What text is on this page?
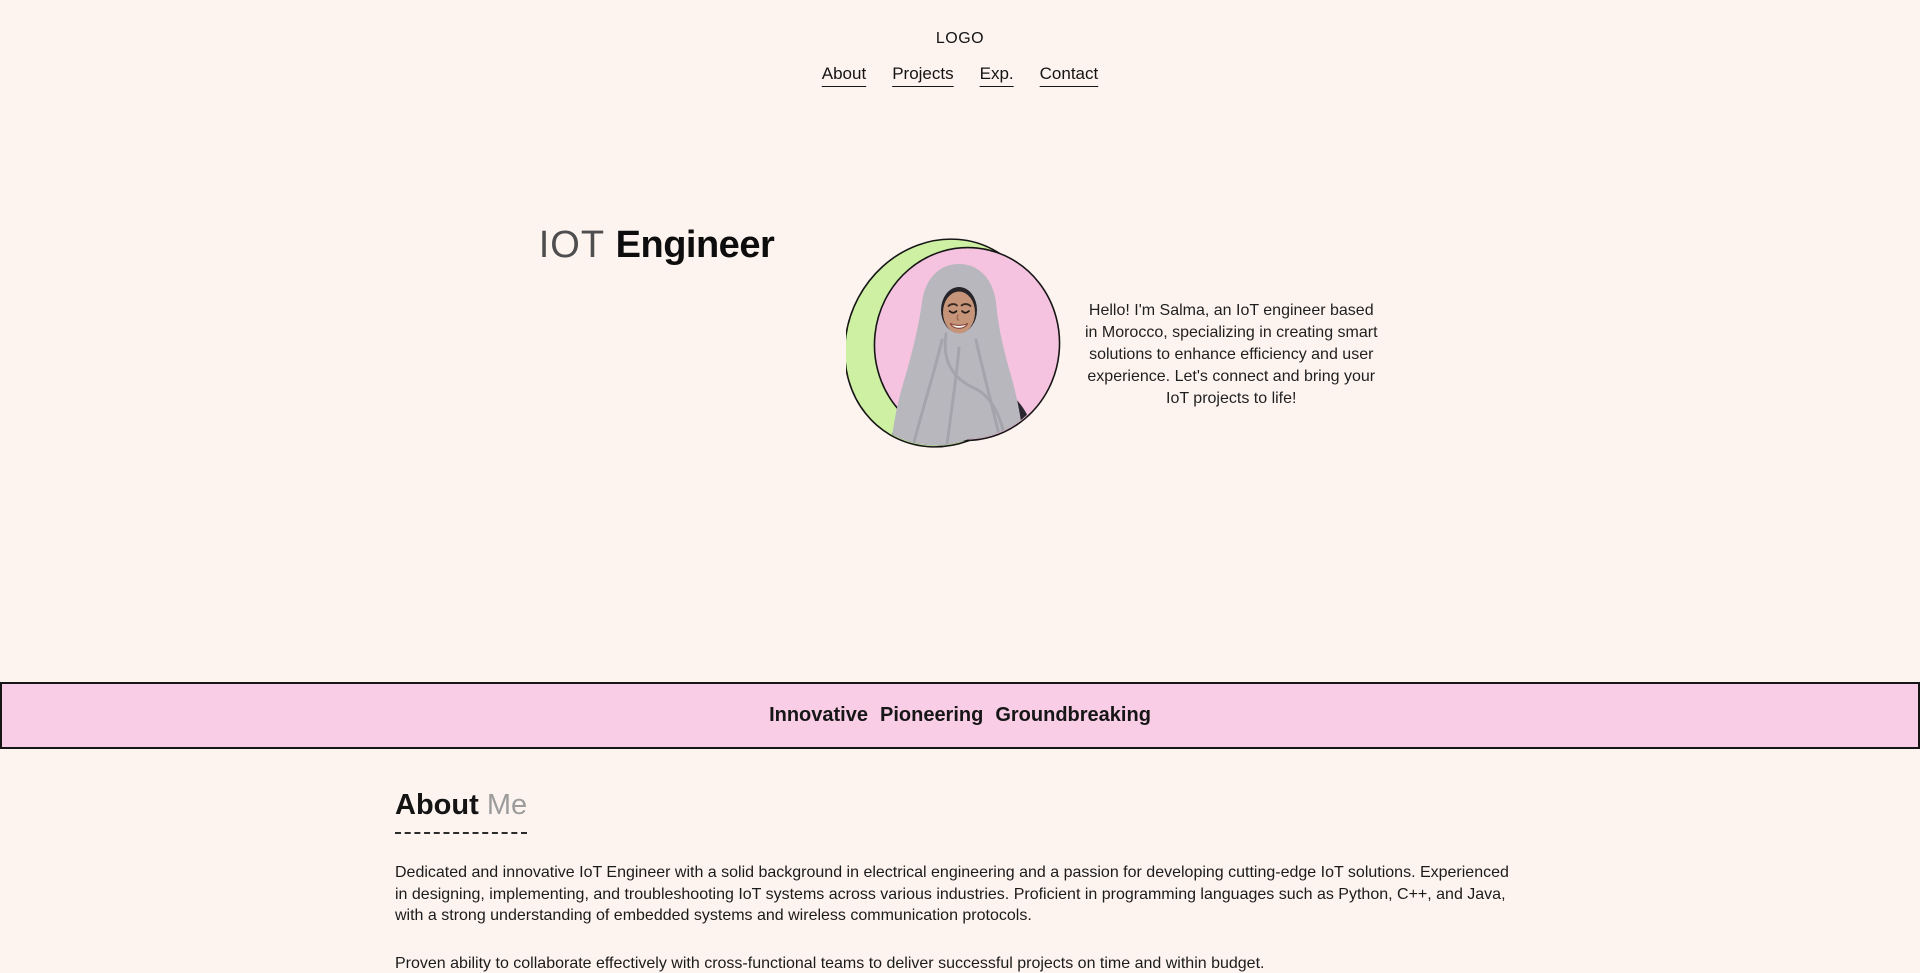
LOGO
About Projects Exp. Contact
IOT Engineer

Hello! I'm Salma, an IoT engineer based in Morocco, specializing in creating smart solutions to enhance efficiency and user experience. Let's connect and bring your IoT projects to life!

Innovative Pioneering Groundbreaking
About Me

Dedicated and innovative IoT Engineer with a solid background in electrical engineering and a passion for developing cutting-edge IoT solutions. Experienced in designing, implementing, and troubleshooting IoT systems across various industries. Proficient in programming languages such as Python, C++, and Java, with a strong understanding of embedded systems and wireless communication protocols.

Proven ability to collaborate effectively with cross-functional teams to deliver successful projects on time and within budget.
